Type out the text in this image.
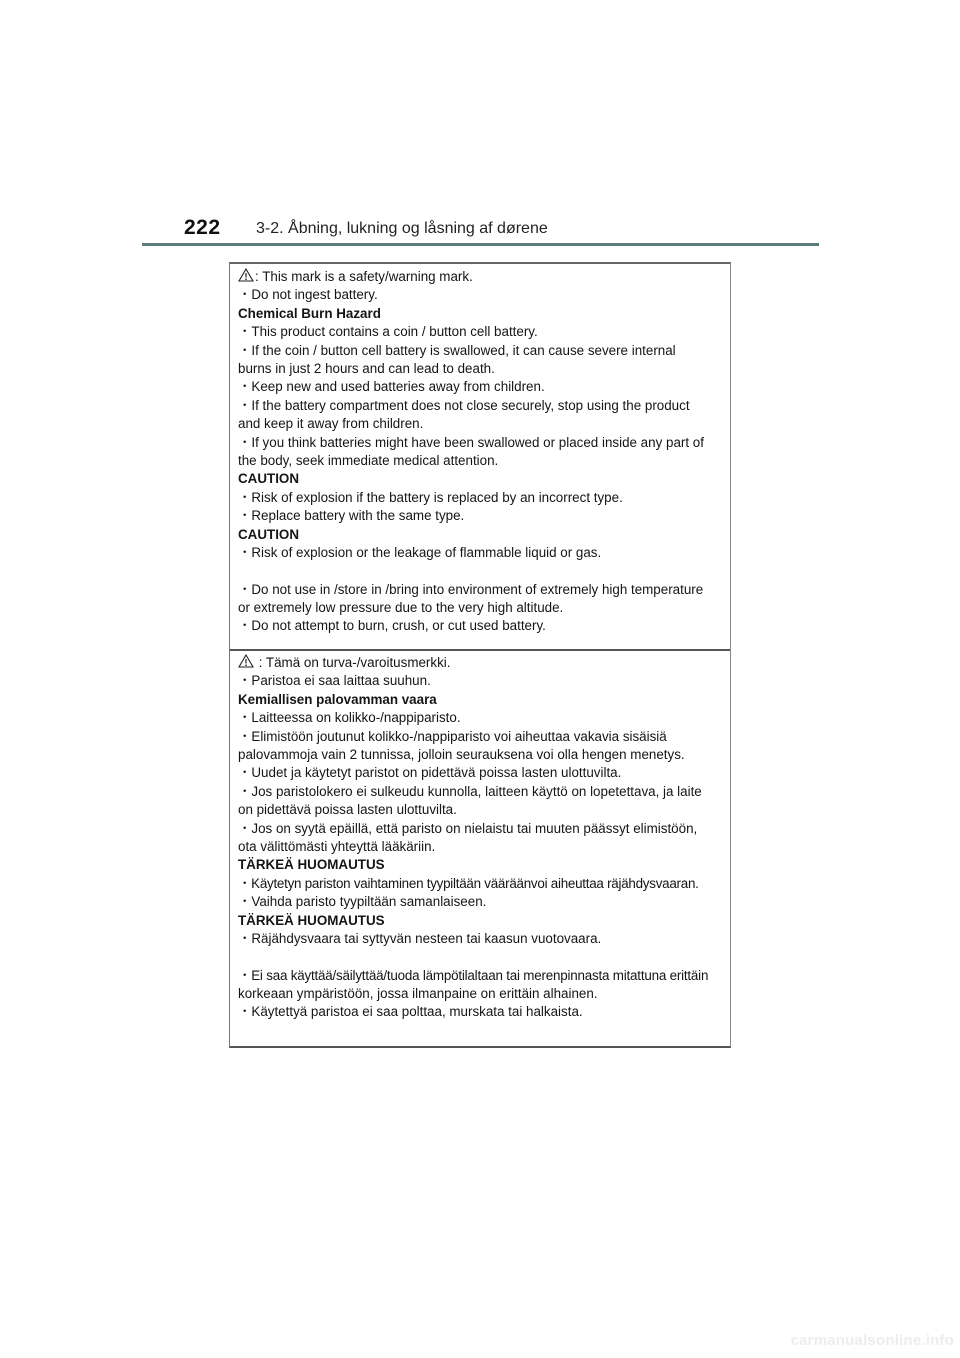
222 3-2. Åbning, lukning og låsning af dørene
: This mark is a safety/warning mark.
・Do not ingest battery.
Chemical Burn Hazard
・This product contains a coin / button cell battery.
・If the coin / button cell battery is swallowed, it can cause severe internal
burns in just 2 hours and can lead to death.
・Keep new and used batteries away from children.
・If the battery compartment does not close securely, stop using the product
and keep it away from children.
・If you think batteries might have been swallowed or placed inside any part of
the body, seek immediate medical attention.
CAUTION
・Risk of explosion if the battery is replaced by an incorrect type.
・Replace battery with the same type.
CAUTION
・Risk of explosion or the leakage of flammable liquid or gas.
・Do not use in /store in /bring into environment of extremely high temperature
or extremely low pressure due to the very high altitude.
・Do not attempt to burn, crush, or cut used battery.
: Tämä on turva-/varoitusmerkki.
・Paristoa ei saa laittaa suuhun.
Kemiallisen palovamman vaara
・Laitteessa on kolikko-/nappiparisto.
・Elimistöön joutunut kolikko-/nappiparisto voi aiheuttaa vakavia sisäisiä
palovammoja vain 2 tunnissa, jolloin seurauksena voi olla hengen menetys.
・Uudet ja käytetyt paristot on pidettävä poissa lasten ulottuvilta.
・Jos paristolokero ei sulkeudu kunnolla, laitteen käyttö on lopetettava, ja laite
on pidettävä poissa lasten ulottuvilta.
・Jos on syytä epäillä, että paristo on nielaistu tai muuten päässyt elimistöön,
ota välittömästi yhteyttä lääkäriin.
TÄRKEÄ HUOMAUTUS
・Käytetyn pariston vaihtaminen tyypiltään vääräänvoi aiheuttaa räjähdysvaaran.
・Vaihda paristo tyypiltään samanlaiseen.
TÄRKEÄ HUOMAUTUS
・Räjähdysvaara tai syttyvän nesteen tai kaasun vuotovaara.
・Ei saa käyttää/säilyttää/tuoda lämpötilaltaan tai merenpinnasta mitattuna erittäin
korkeaan ympäristöön, jossa ilmanpaine on erittäin alhainen.
・Käytettyä paristoa ei saa polttaa, murskata tai halkaista.
carmanualsonline.info
